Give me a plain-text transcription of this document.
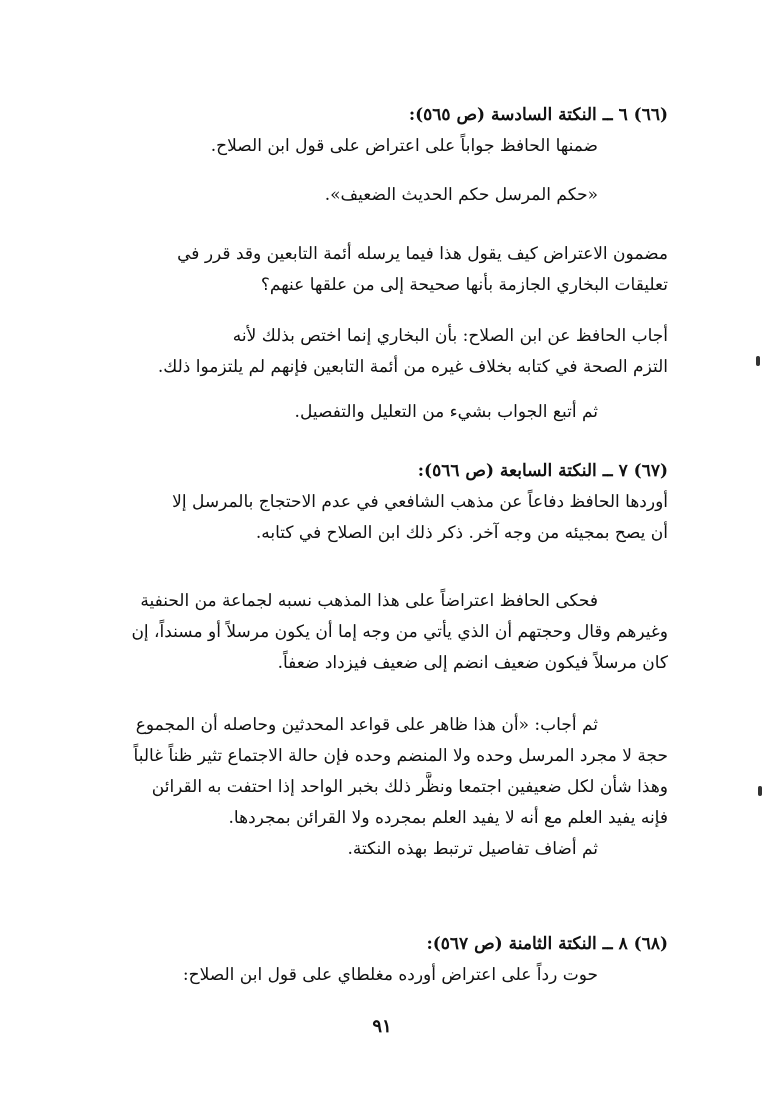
(٦٦) ٦ ــ النكتة السادسة (ص ٥٦٥):
ضمنها الحافظ جواباً على اعتراض على قول ابن الصلاح.
«حكم المرسل حكم الحديث الضعيف».
مضمون الاعتراض كيف يقول هذا فيما يرسله أئمة التابعين وقد قرر في
تعليقات البخاري الجازمة بأنها صحيحة إلى من علقها عنهم؟
أجاب الحافظ عن ابن الصلاح: بأن البخاري إنما اختص بذلك لأنه
التزم الصحة في كتابه بخلاف غيره من أئمة التابعين فإنهم لم يلتزموا ذلك.
ثم أتبع الجواب بشيء من التعليل والتفصيل.
(٦٧) ٧ ــ النكتة السابعة (ص ٥٦٦):
أوردها الحافظ دفاعاً عن مذهب الشافعي في عدم الاحتجاج بالمرسل إلا
أن يصح بمجيئه من وجه آخر. ذكر ذلك ابن الصلاح في كتابه.
فحكى الحافظ اعتراضاً على هذا المذهب نسبه لجماعة من الحنفية
وغيرهم وقال وحجتهم أن الذي يأتي من وجه إما أن يكون مرسلاً أو مسنداً، إن
كان مرسلاً فيكون ضعيف انضم إلى ضعيف فيزداد ضعفاً.
ثم أجاب: «أن هذا ظاهر على قواعد المحدثين وحاصله أن المجموع
حجة لا مجرد المرسل وحده ولا المنضم وحده فإن حالة الاجتماع تثير ظناً غالباً
وهذا شأن لكل ضعيفين اجتمعا ونظَّر ذلك بخبر الواحد إذا احتفت به القرائن
فإنه يفيد العلم مع أنه لا يفيد العلم بمجرده ولا القرائن بمجردها.
ثم أضاف تفاصيل ترتبط بهذه النكتة.
(٦٨) ٨ ــ النكتة الثامنة (ص ٥٦٧):
حوت رداً على اعتراض أورده مغلطاي على قول ابن الصلاح:
٩١
